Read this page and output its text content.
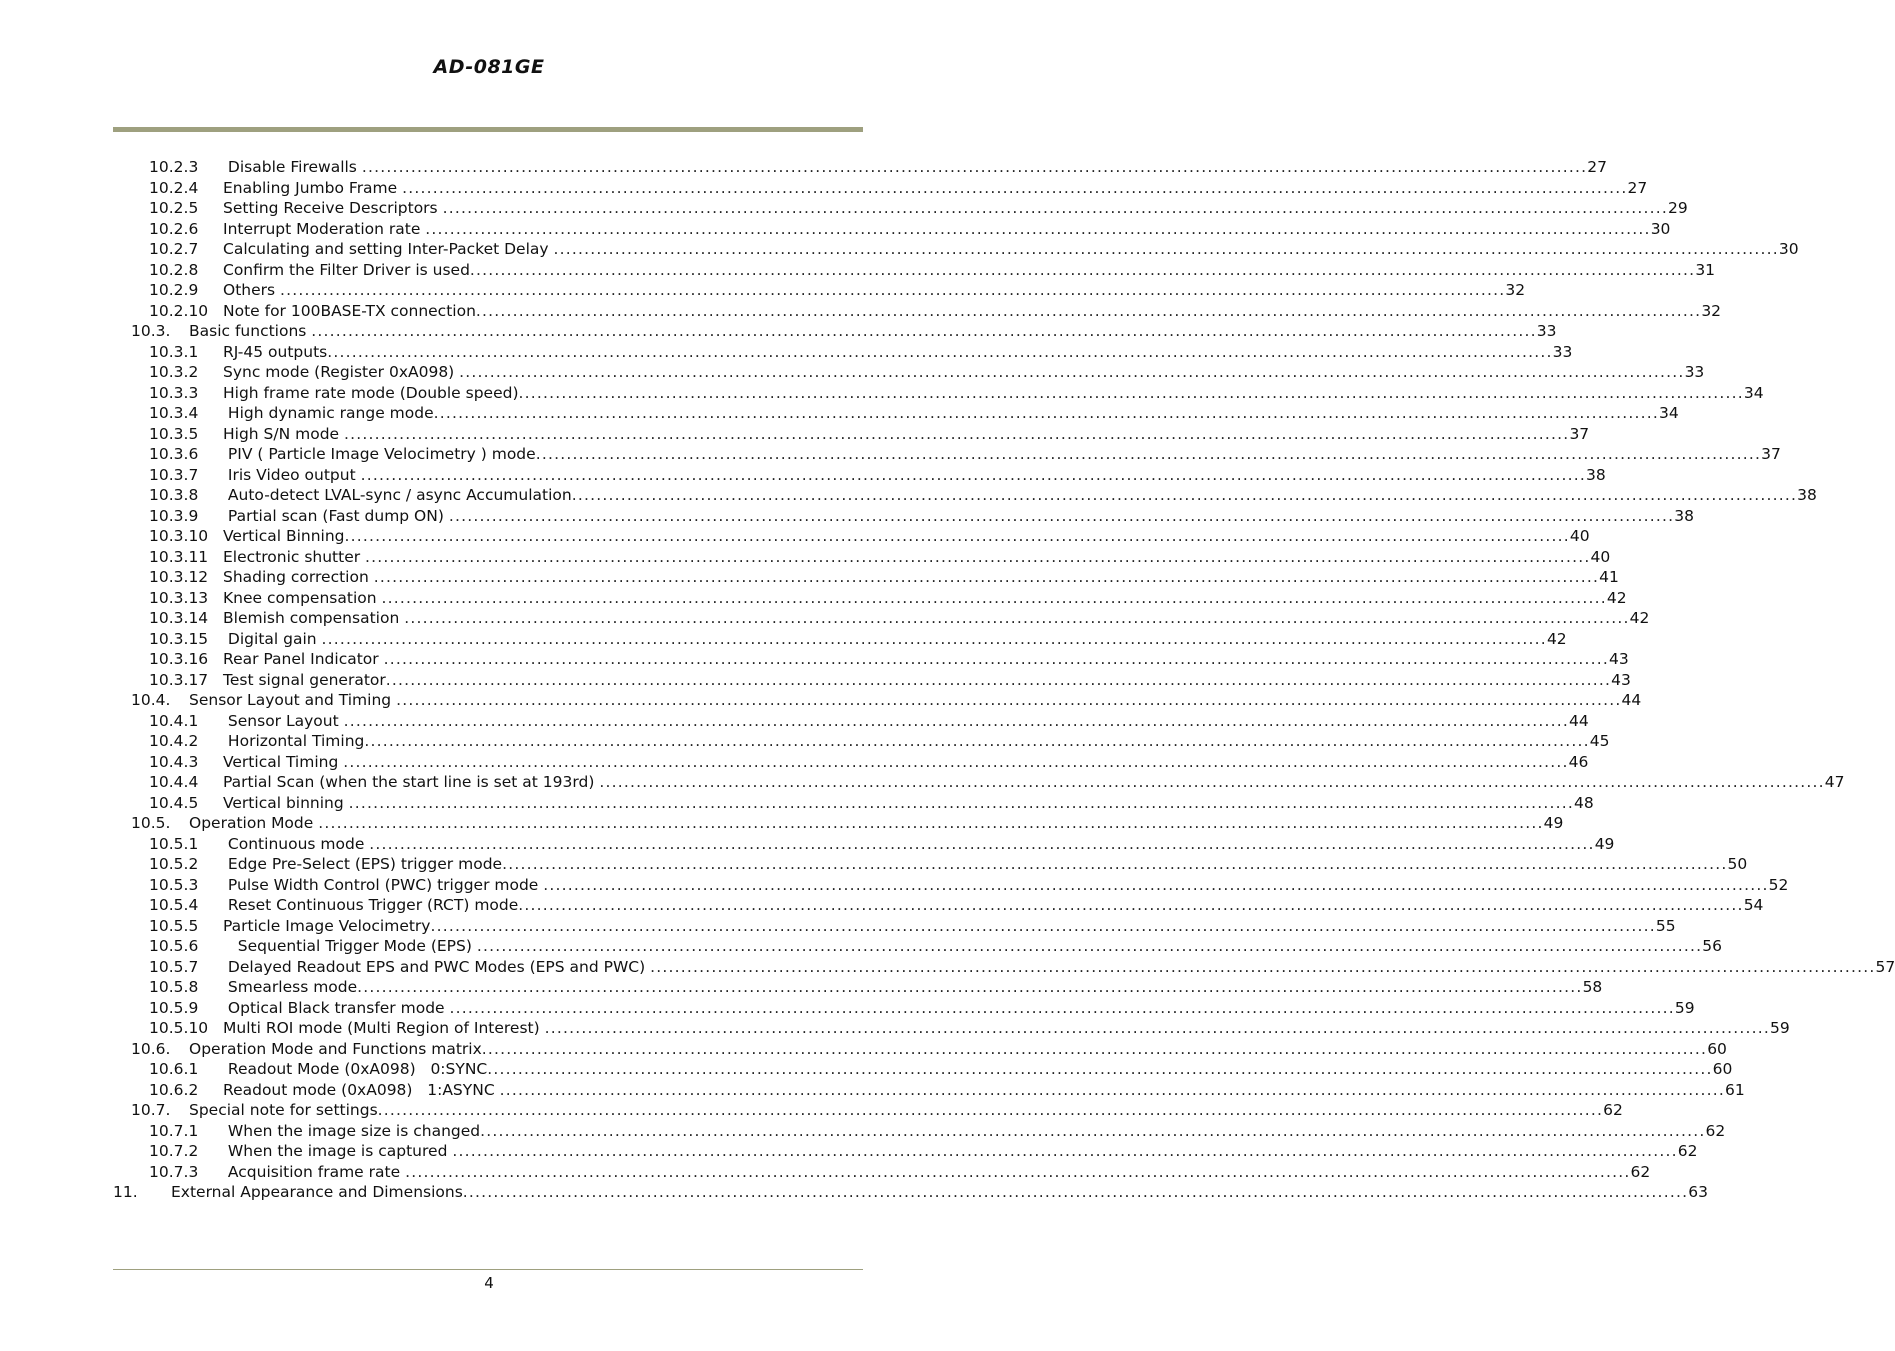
AD-081GE
10.2.3	Disable Firewalls ........................................................................................................................................................................................................ 27
10.2.4	Enabling Jumbo Frame ........................................................................................................................................................................................................ 27
10.2.5	Setting Receive Descriptors ........................................................................................................................................................................................................ 29
10.2.6	Interrupt Moderation rate ........................................................................................................................................................................................................ 30
10.2.7	Calculating and setting Inter-Packet Delay ........................................................................................................................................................................................................ 30
10.2.8	Confirm the Filter Driver is used ........................................................................................................................................................................................................ 31
10.2.9	Others ........................................................................................................................................................................................................ 32
10.2.10 Note for 100BASE-TX connection ........................................................................................................................................................................................................ 32
10.3.	Basic functions ........................................................................................................................................................................................................ 33
10.3.1	RJ-45 outputs ........................................................................................................................................................................................................ 33
10.3.2	Sync mode (Register 0xA098) ........................................................................................................................................................................................................ 33
10.3.3	High frame rate mode (Double speed) ........................................................................................................................................................................................................ 34
10.3.4	High dynamic range mode ........................................................................................................................................................................................................ 34
10.3.5	High S/N mode ........................................................................................................................................................................................................ 37
10.3.6	PIV ( Particle Image Velocimetry ) mode ........................................................................................................................................................................................................ 37
10.3.7	Iris Video output ........................................................................................................................................................................................................ 38
10.3.8	Auto-detect LVAL-sync / async Accumulation ........................................................................................................................................................................................................ 38
10.3.9	Partial scan (Fast dump ON) ........................................................................................................................................................................................................ 38
10.3.10 Vertical Binning ........................................................................................................................................................................................................ 40
10.3.11 Electronic shutter ........................................................................................................................................................................................................ 40
10.3.12 Shading correction ........................................................................................................................................................................................................ 41
10.3.13 Knee compensation ........................................................................................................................................................................................................ 42
10.3.14 Blemish compensation ........................................................................................................................................................................................................ 42
10.3.15 Digital gain ........................................................................................................................................................................................................ 42
10.3.16 Rear Panel Indicator ........................................................................................................................................................................................................ 43
10.3.17 Test signal generator ........................................................................................................................................................................................................ 43
10.4.	Sensor Layout and Timing ........................................................................................................................................................................................................ 44
10.4.1	Sensor Layout ........................................................................................................................................................................................................ 44
10.4.2	Horizontal Timing ........................................................................................................................................................................................................ 45
10.4.3	Vertical Timing ........................................................................................................................................................................................................ 46
10.4.4	Partial Scan (when the start line is set at 193rd) ........................................................................................................................................................................................................ 47
10.4.5	Vertical binning ........................................................................................................................................................................................................ 48
10.5.	Operation Mode ........................................................................................................................................................................................................ 49
10.5.1	Continuous mode ........................................................................................................................................................................................................ 49
10.5.2	Edge Pre-Select (EPS) trigger mode ........................................................................................................................................................................................................ 50
10.5.3	Pulse Width Control (PWC) trigger mode ........................................................................................................................................................................................................ 52
10.5.4	Reset Continuous Trigger (RCT) mode ........................................................................................................................................................................................................ 54
10.5.5	Particle Image Velocimetry ........................................................................................................................................................................................................ 55
10.5.6	Sequential Trigger Mode (EPS) ........................................................................................................................................................................................................ 56
10.5.7	Delayed Readout EPS and PWC Modes (EPS and PWC) ........................................................................................................................................................................................................ 57
10.5.8	Smearless mode ........................................................................................................................................................................................................ 58
10.5.9	Optical Black transfer mode ........................................................................................................................................................................................................ 59
10.5.10 Multi ROI mode (Multi Region of Interest) ........................................................................................................................................................................................................ 59
10.6.	Operation Mode and Functions matrix ........................................................................................................................................................................................................ 60
10.6.1	Readout Mode (0xA098)   0:SYNC ........................................................................................................................................................................................................ 60
10.6.2	Readout mode (0xA098)   1:ASYNC ........................................................................................................................................................................................................ 61
10.7.	Special note for settings ........................................................................................................................................................................................................ 62
10.7.1	When the image size is changed ........................................................................................................................................................................................................ 62
10.7.2	When the image is captured ........................................................................................................................................................................................................ 62
10.7.3	Acquisition frame rate ........................................................................................................................................................................................................ 62
11.	External Appearance and Dimensions ........................................................................................................................................................................................................ 63
4
